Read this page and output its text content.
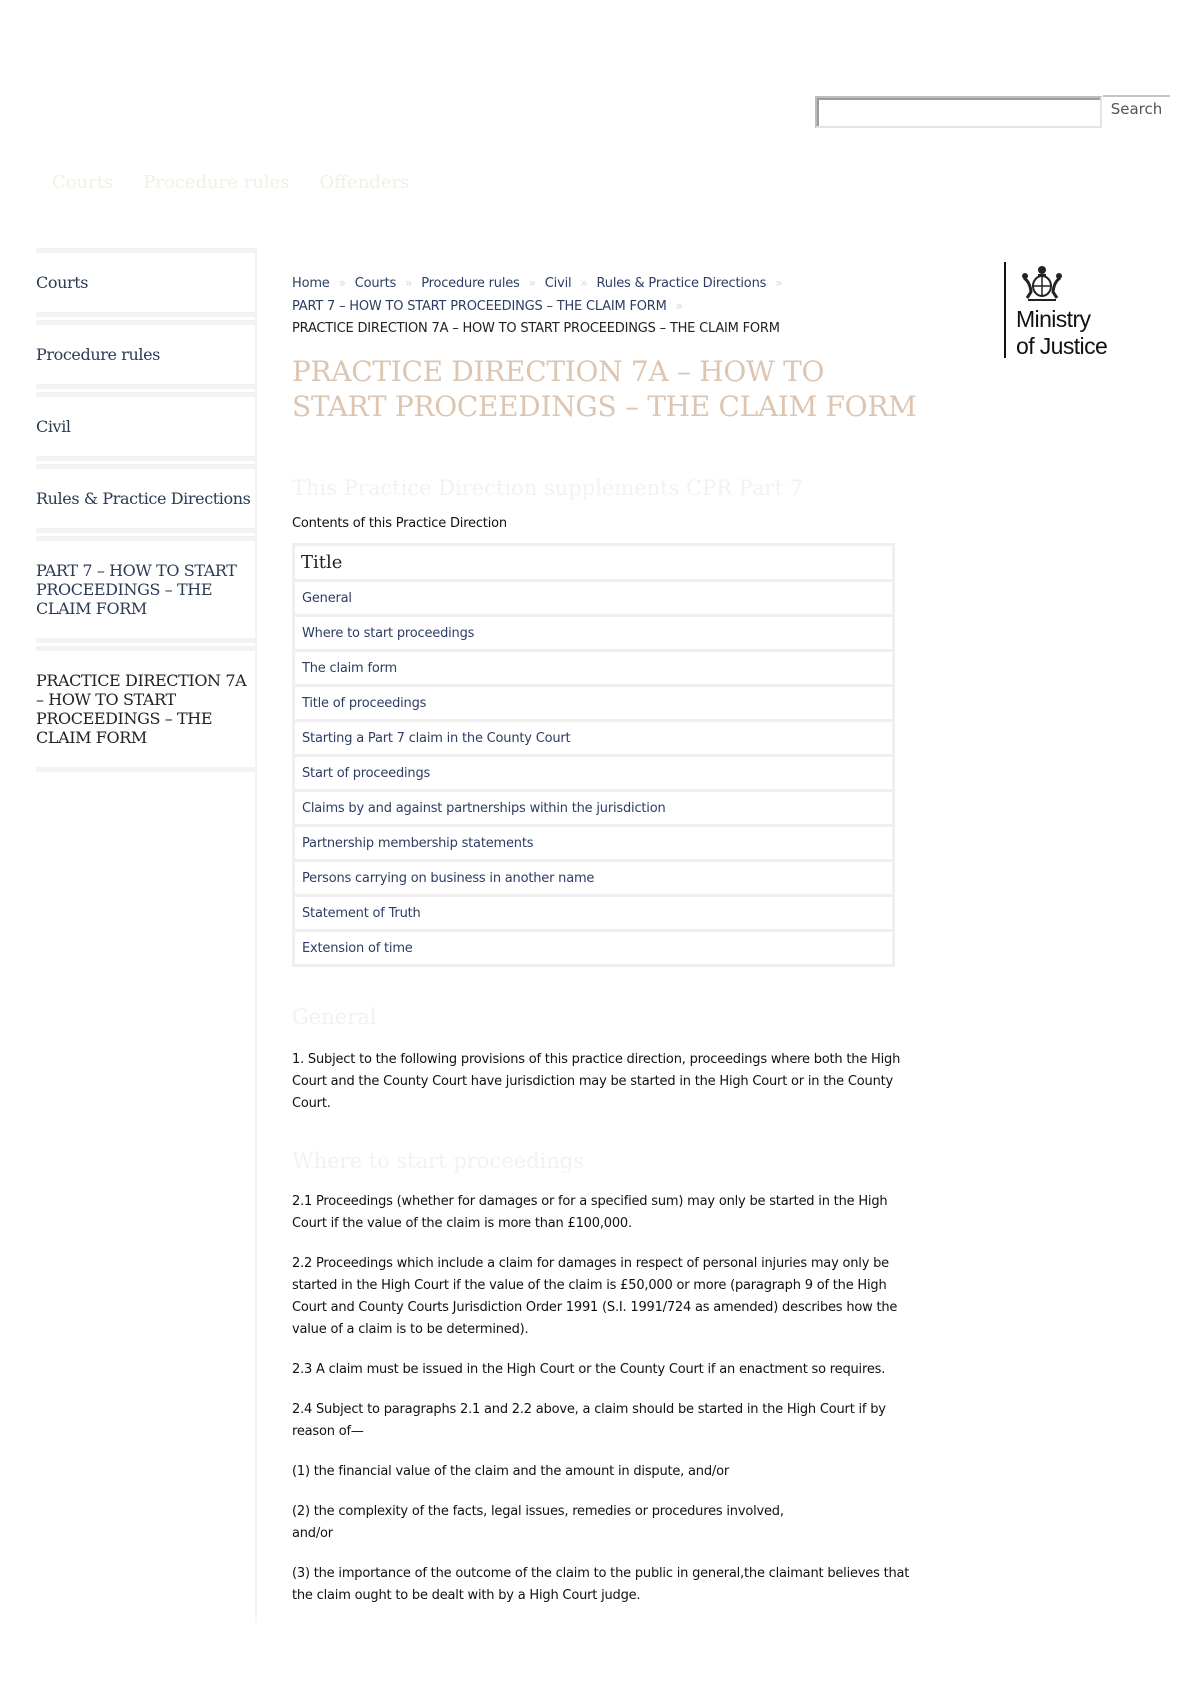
Search
Courts Procedure rules Offenders
Courts
Procedure rules
Civil
Rules & Practice Directions
PART 7 – HOW TO START PROCEEDINGS – THE CLAIM FORM
PRACTICE DIRECTION 7A – HOW TO START PROCEEDINGS – THE CLAIM FORM
Home » Courts » Procedure rules » Civil » Rules & Practice Directions »
PART 7 – HOW TO START PROCEEDINGS – THE CLAIM FORM »
PRACTICE DIRECTION 7A – HOW TO START PROCEEDINGS – THE CLAIM FORM
PRACTICE DIRECTION 7A – HOW TO START PROCEEDINGS – THE CLAIM FORM
This Practice Direction supplements CPR Part 7

Contents of this Practice Direction

Title
General
Where to start proceedings
The claim form
Title of proceedings
Starting a Part 7 claim in the County Court
Start of proceedings
Claims by and against partnerships within the jurisdiction
Partnership membership statements
Persons carrying on business in another name
Statement of Truth
Extension of time
General

1. Subject to the following provisions of this practice direction, proceedings where both the High Court and the County Court have jurisdiction may be started in the High Court or in the County Court.

Where to start proceedings

2.1 Proceedings (whether for damages or for a specified sum) may only be started in the High Court if the value of the claim is more than £100,000.

2.2 Proceedings which include a claim for damages in respect of personal injuries may only be started in the High Court if the value of the claim is £50,000 or more (paragraph 9 of the High Court and County Courts Jurisdiction Order 1991 (S.I. 1991/724 as amended) describes how the value of a claim is to be determined).

2.3 A claim must be issued in the High Court or the County Court if an enactment so requires.

2.4 Subject to paragraphs 2.1 and 2.2 above, a claim should be started in the High Court if by reason of—

(1) the financial value of the claim and the amount in dispute, and/or

(2) the complexity of the facts, legal issues, remedies or procedures involved,
and/or

(3) the importance of the outcome of the claim to the public in general,the claimant believes that the claim ought to be dealt with by a High Court judge.

Ministry
of Justice
